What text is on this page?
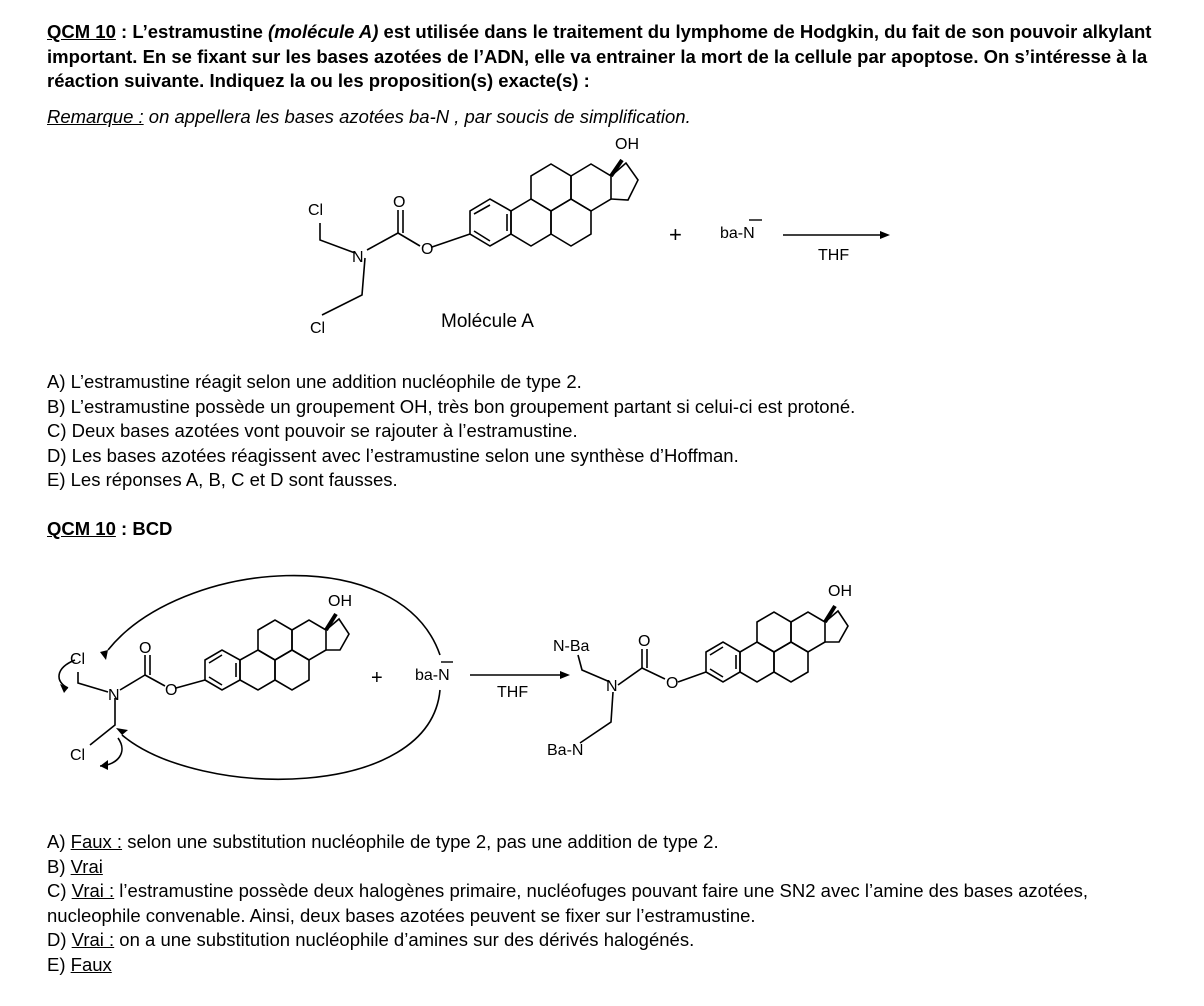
QCM 10 : L’estramustine (molécule A) est utilisée dans le traitement du lymphome de Hodgkin, du fait de son pouvoir alkylant important. En se fixant sur les bases azotées de l’ADN, elle va entrainer la mort de la cellule par apoptose. On s’intéresse à la réaction suivante. Indiquez la ou les proposition(s) exacte(s) :
Remarque : on appellera les bases azotées ba-N , par soucis de simplification.
Cl
Cl
N
O
O
OH
Molécule A
+ ba-N
THF
A) L’estramustine réagit selon une addition nucléophile de type 2.
B) L’estramustine possède un groupement OH, très bon groupement partant si celui-ci est protoné.
C) Deux bases azotées vont pouvoir se rajouter à l’estramustine.
D) Les bases azotées réagissent avec l’estramustine selon une synthèse d’Hoffman.
E) Les réponses A, B, C et D sont fausses.
QCM 10 : BCD
Cl
Cl
N
O
O
OH
+ ba-N
THF
N-Ba
Ba-N
N
O
O
OH
A) Faux : selon une substitution nucléophile de type 2, pas une addition de type 2.
B) Vrai
C) Vrai : l’estramustine possède deux halogènes primaire, nucléofuges pouvant faire une SN2 avec l’amine des bases azotées, nucleophile convenable. Ainsi, deux bases azotées peuvent se fixer sur l’estramustine.
D) Vrai : on a une substitution nucléophile d’amines sur des dérivés halogénés.
E) Faux
